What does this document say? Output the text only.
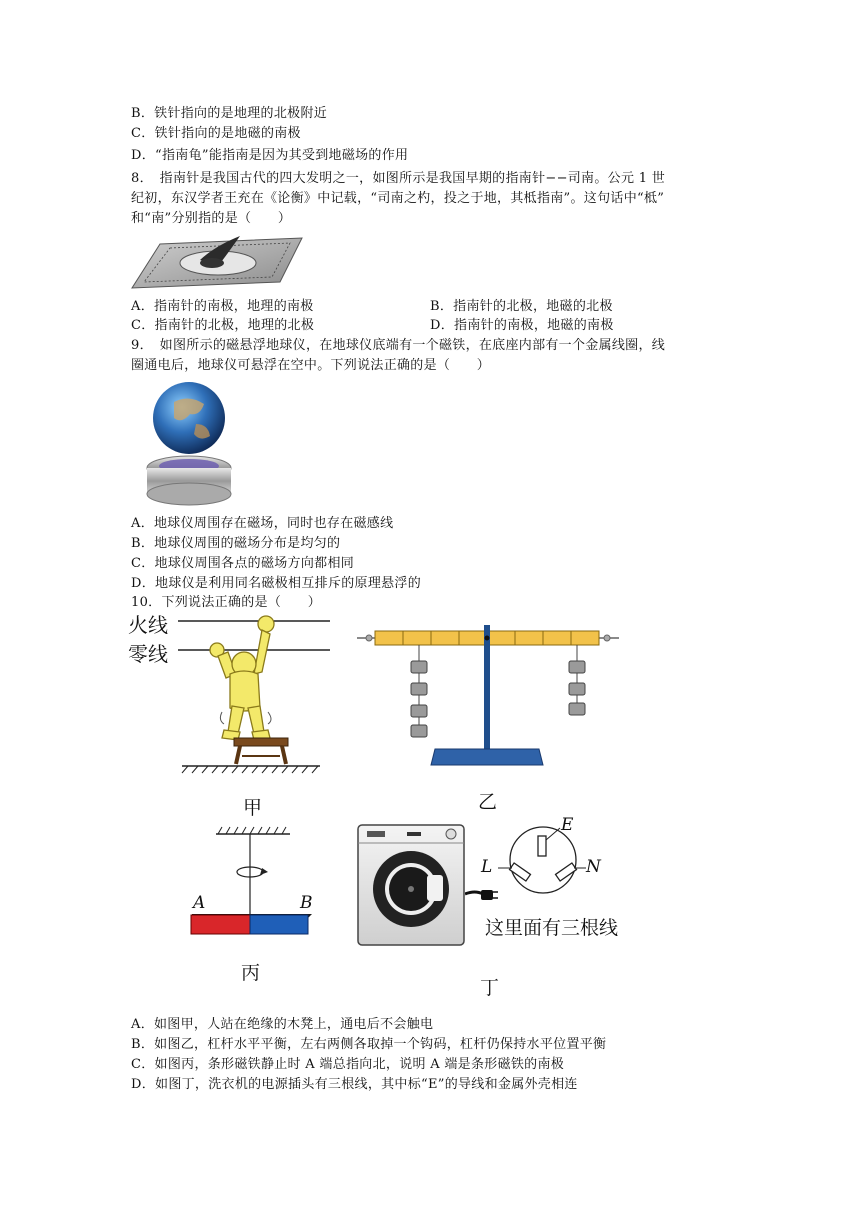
B．铁针指向的是地理的北极附近
C．铁针指向的是地磁的南极
D．“指南龟”能指南是因为其受到地磁场的作用
8．　指南针是我国古代的四大发明之一，如图所示是我国早期的指南针−−司南。公元 1 世
纪初，东汉学者王充在《论衡》中记载，“司南之杓，投之于地，其柢指南”。这句话中“柢”
和“南”分别指的是（　　）
A．指南针的南极，地理的南极	B．指南针的北极，地磁的北极
C．指南针的北极，地理的北极	D．指南针的南极，地磁的南极
9．　如图所示的磁悬浮地球仪，在地球仪底端有一个磁铁，在底座内部有一个金属线圈，线
圈通电后，地球仪可悬浮在空中。下列说法正确的是（　　）
A．地球仪周围存在磁场，同时也存在磁感线
B．地球仪周围的磁场分布是均匀的
C．地球仪周围各点的磁场方向都相同
D．地球仪是利用同名磁极相互排斥的原理悬浮的
10．下列说法正确的是（　　）
火线
零线
甲	乙
A	B
丙
这里面有三根线
E
L	N
丁
A．如图甲，人站在绝缘的木凳上，通电后不会触电
B．如图乙，杠杆水平平衡，左右两侧各取掉一个钩码，杠杆仍保持水平位置平衡
C．如图丙，条形磁铁静止时 A 端总指向北，说明 A 端是条形磁铁的南极
D．如图丁，洗衣机的电源插头有三根线，其中标“E”的导线和金属外壳相连
